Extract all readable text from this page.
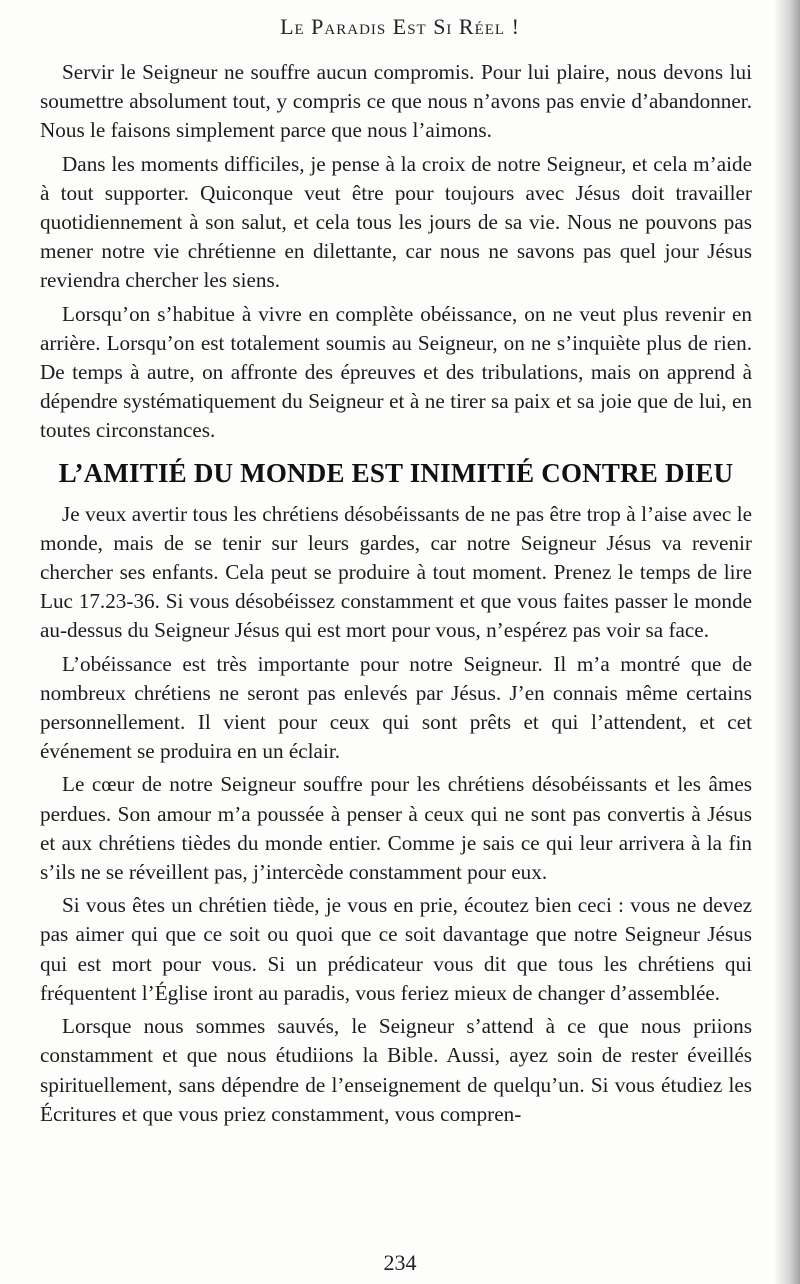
Le Paradis Est Si Réel !

Servir le Seigneur ne souffre aucun compromis. Pour lui plaire, nous devons lui soumettre absolument tout, y compris ce que nous n’avons pas envie d’abandonner. Nous le faisons simplement parce que nous l’aimons.

Dans les moments difficiles, je pense à la croix de notre Seigneur, et cela m’aide à tout supporter. Quiconque veut être pour toujours avec Jésus doit travailler quotidiennement à son salut, et cela tous les jours de sa vie. Nous ne pouvons pas mener notre vie chrétienne en dilettante, car nous ne savons pas quel jour Jésus reviendra chercher les siens.

Lorsqu’on s’habitue à vivre en complète obéissance, on ne veut plus revenir en arrière. Lorsqu’on est totalement soumis au Seigneur, on ne s’inquiète plus de rien. De temps à autre, on affronte des épreuves et des tribulations, mais on apprend à dépendre systématiquement du Seigneur et à ne tirer sa paix et sa joie que de lui, en toutes circonstances.

L’AMITIÉ DU MONDE EST INIMITIÉ CONTRE DIEU

Je veux avertir tous les chrétiens désobéissants de ne pas être trop à l’aise avec le monde, mais de se tenir sur leurs gardes, car notre Seigneur Jésus va revenir chercher ses enfants. Cela peut se produire à tout moment. Prenez le temps de lire Luc 17.23-36. Si vous désobéissez constamment et que vous faites passer le monde au-dessus du Seigneur Jésus qui est mort pour vous, n’espérez pas voir sa face.

L’obéissance est très importante pour notre Seigneur. Il m’a montré que de nombreux chrétiens ne seront pas enlevés par Jésus. J’en connais même certains personnellement. Il vient pour ceux qui sont prêts et qui l’attendent, et cet événement se produira en un éclair.

Le cœur de notre Seigneur souffre pour les chrétiens désobéissants et les âmes perdues. Son amour m’a poussée à penser à ceux qui ne sont pas convertis à Jésus et aux chrétiens tièdes du monde entier. Comme je sais ce qui leur arrivera à la fin s’ils ne se réveillent pas, j’intercède constamment pour eux.

Si vous êtes un chrétien tiède, je vous en prie, écoutez bien ceci : vous ne devez pas aimer qui que ce soit ou quoi que ce soit davantage que notre Seigneur Jésus qui est mort pour vous. Si un prédicateur vous dit que tous les chrétiens qui fréquentent l’Église iront au paradis, vous feriez mieux de changer d’assemblée.

Lorsque nous sommes sauvés, le Seigneur s’attend à ce que nous priions constamment et que nous étudiions la Bible. Aussi, ayez soin de rester éveillés spirituellement, sans dépendre de l’enseignement de quelqu’un. Si vous étudiez les Écritures et que vous priez constamment, vous compren-

234
